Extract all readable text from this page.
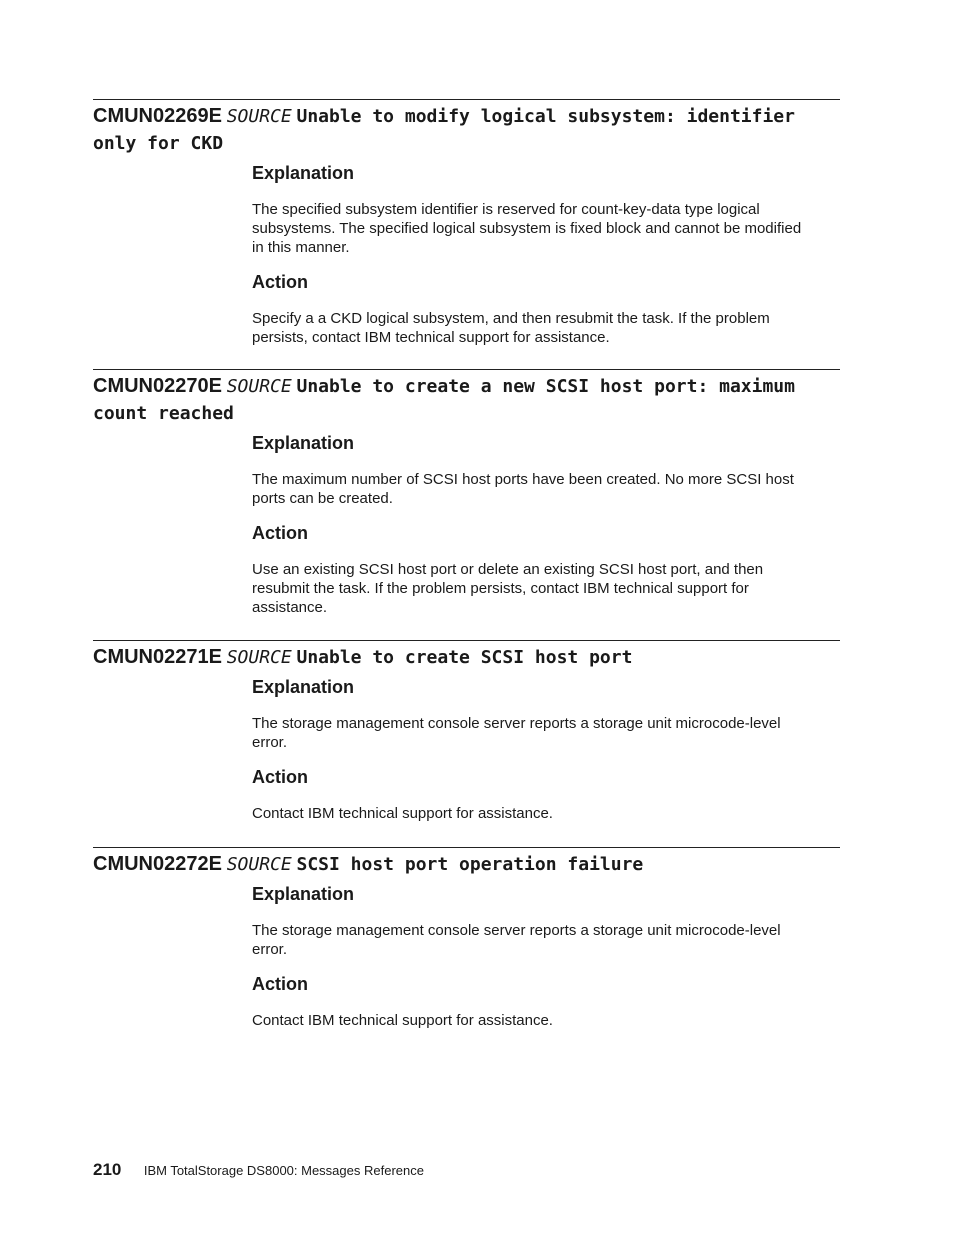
CMUN02269E SOURCE Unable to modify logical subsystem: identifier
only for CKD
Explanation

The specified subsystem identifier is reserved for count-key-data type logical
subsystems. The specified logical subsystem is fixed block and cannot be modified
in this manner.

Action

Specify a a CKD logical subsystem, and then resubmit the task. If the problem
persists, contact IBM technical support for assistance.

CMUN02270E SOURCE Unable to create a new SCSI host port: maximum
count reached
Explanation

The maximum number of SCSI host ports have been created. No more SCSI host
ports can be created.

Action

Use an existing SCSI host port or delete an existing SCSI host port, and then
resubmit the task. If the problem persists, contact IBM technical support for
assistance.

CMUN02271E SOURCE Unable to create SCSI host port
Explanation

The storage management console server reports a storage unit microcode-level
error.

Action

Contact IBM technical support for assistance.

CMUN02272E SOURCE SCSI host port operation failure
Explanation

The storage management console server reports a storage unit microcode-level
error.

Action

Contact IBM technical support for assistance.

210 IBM TotalStorage DS8000: Messages Reference
